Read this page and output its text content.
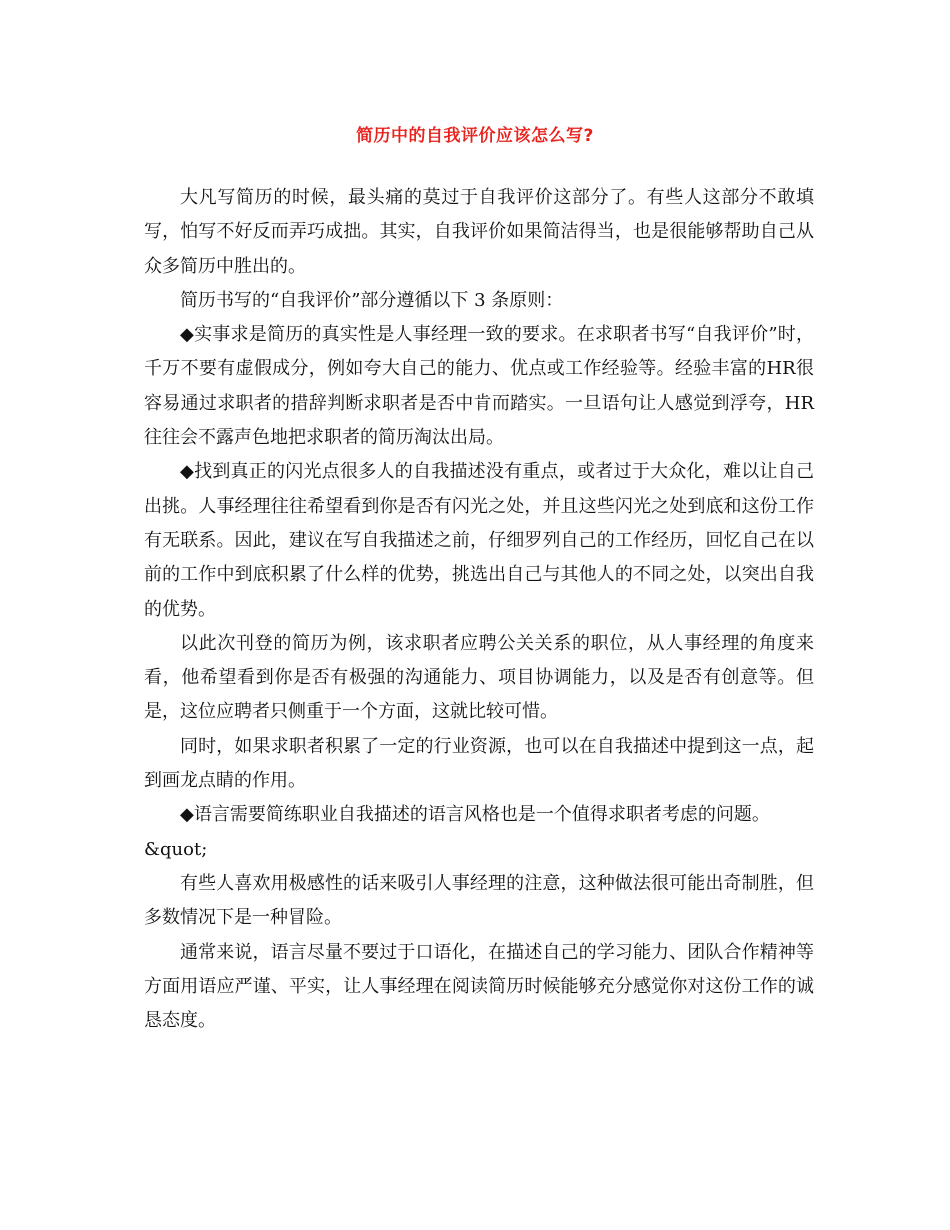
简历中的自我评价应该怎么写?

大凡写简历的时候，最头痛的莫过于自我评价这部分了。有些人这部分不敢填写，怕写不好反而弄巧成拙。其实，自我评价如果简洁得当，也是很能够帮助自己从众多简历中胜出的。

简历书写的“自我评价”部分遵循以下 3 条原则：

◆实事求是简历的真实性是人事经理一致的要求。在求职者书写“自我评价”时，千万不要有虚假成分，例如夸大自己的能力、优点或工作经验等。经验丰富的HR很容易通过求职者的措辞判断求职者是否中肯而踏实。一旦语句让人感觉到浮夸，HR往往会不露声色地把求职者的简历淘汰出局。

◆找到真正的闪光点很多人的自我描述没有重点，或者过于大众化，难以让自己出挑。人事经理往往希望看到你是否有闪光之处，并且这些闪光之处到底和这份工作有无联系。因此，建议在写自我描述之前，仔细罗列自己的工作经历，回忆自己在以前的工作中到底积累了什么样的优势，挑选出自己与其他人的不同之处，以突出自我的优势。

以此次刊登的简历为例，该求职者应聘公关关系的职位，从人事经理的角度来看，他希望看到你是否有极强的沟通能力、项目协调能力，以及是否有创意等。但是，这位应聘者只侧重于一个方面，这就比较可惜。

同时，如果求职者积累了一定的行业资源，也可以在自我描述中提到这一点，起到画龙点睛的作用。

◆语言需要简练职业自我描述的语言风格也是一个值得求职者考虑的问题。

&quot;

有些人喜欢用极感性的话来吸引人事经理的注意，这种做法很可能出奇制胜，但多数情况下是一种冒险。

通常来说，语言尽量不要过于口语化，在描述自己的学习能力、团队合作精神等方面用语应严谨、平实，让人事经理在阅读简历时候能够充分感觉你对这份工作的诚恳态度。
